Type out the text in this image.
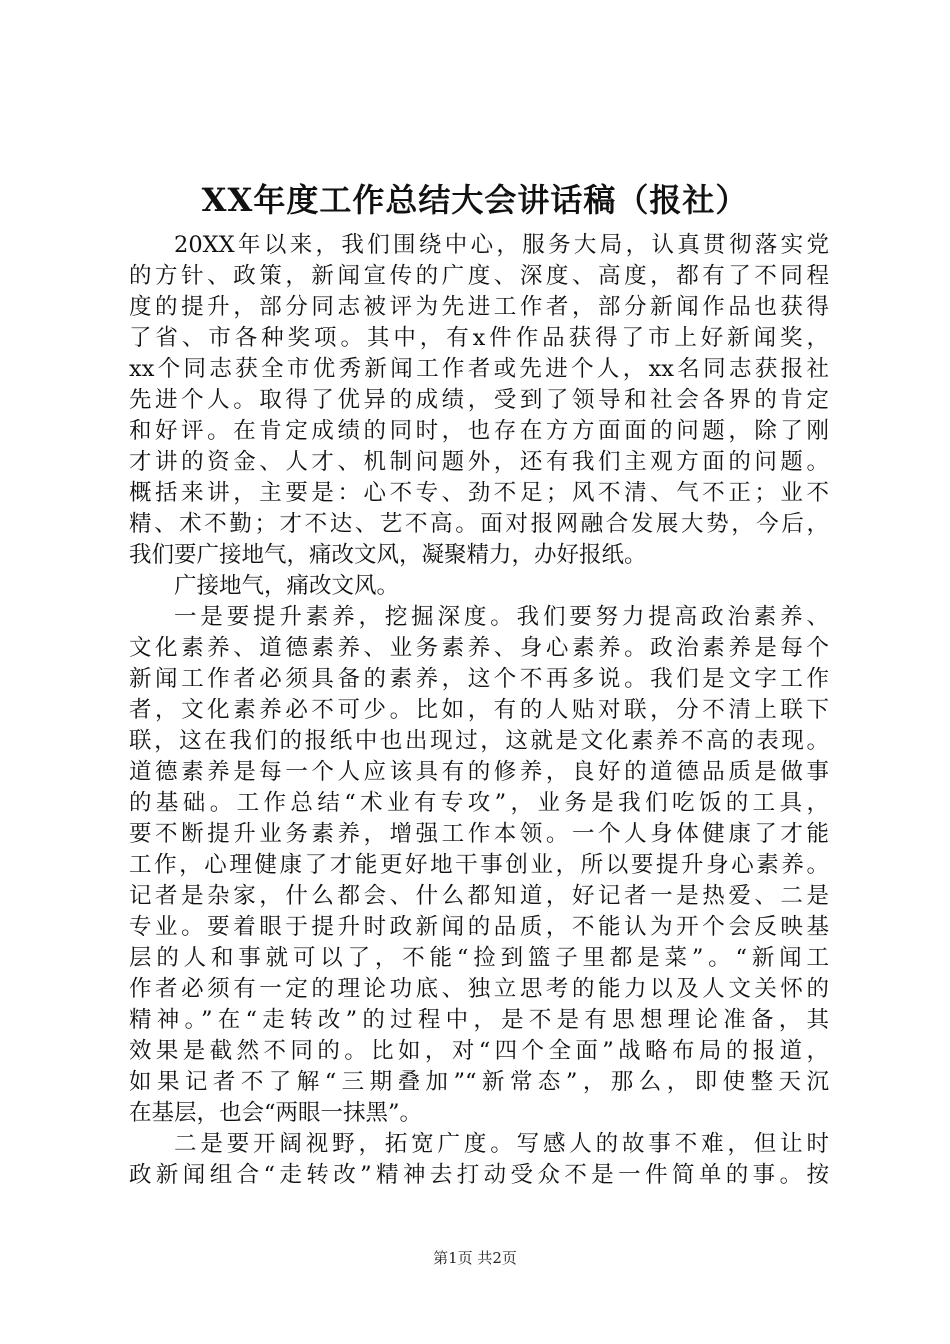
XX年度工作总结大会讲话稿（报社）
20XX年以来，我们围绕中心，服务大局，认真贯彻落实党
的方针、政策，新闻宣传的广度、深度、高度，都有了不同程
度的提升，部分同志被评为先进工作者，部分新闻作品也获得
了省、市各种奖项。其中，有x件作品获得了市上好新闻奖，
xx个同志获全市优秀新闻工作者或先进个人，xx名同志获报社
先进个人。取得了优异的成绩，受到了领导和社会各界的肯定
和好评。在肯定成绩的同时，也存在方方面面的问题，除了刚
才讲的资金、人才、机制问题外，还有我们主观方面的问题。
概括来讲，主要是：心不专、劲不足；风不清、气不正；业不
精、术不勤；才不达、艺不高。面对报网融合发展大势，今后，
我们要广接地气，痛改文风，凝聚精力，办好报纸。
广接地气，痛改文风。
一是要提升素养，挖掘深度。我们要努力提高政治素养、
文化素养、道德素养、业务素养、身心素养。政治素养是每个
新闻工作者必须具备的素养，这个不再多说。我们是文字工作
者，文化素养必不可少。比如，有的人贴对联，分不清上联下
联，这在我们的报纸中也出现过，这就是文化素养不高的表现。
道德素养是每一个人应该具有的修养，良好的道德品质是做事
的基础。工作总结“术业有专攻”，业务是我们吃饭的工具，
要不断提升业务素养，增强工作本领。一个人身体健康了才能
工作，心理健康了才能更好地干事创业，所以要提升身心素养。
记者是杂家，什么都会、什么都知道，好记者一是热爱、二是
专业。要着眼于提升时政新闻的品质，不能认为开个会反映基
层的人和事就可以了，不能“捡到篮子里都是菜”。“新闻工
作者必须有一定的理论功底、独立思考的能力以及人文关怀的
精神。”在“走转改”的过程中，是不是有思想理论准备，其
效果是截然不同的。比如，对“四个全面”战略布局的报道，
如果记者不了解“三期叠加”“新常态”，那么，即使整天沉
在基层，也会“两眼一抹黑”。
二是要开阔视野，拓宽广度。写感人的故事不难，但让时
政新闻组合“走转改”精神去打动受众不是一件简单的事。按
第1页 共2页
